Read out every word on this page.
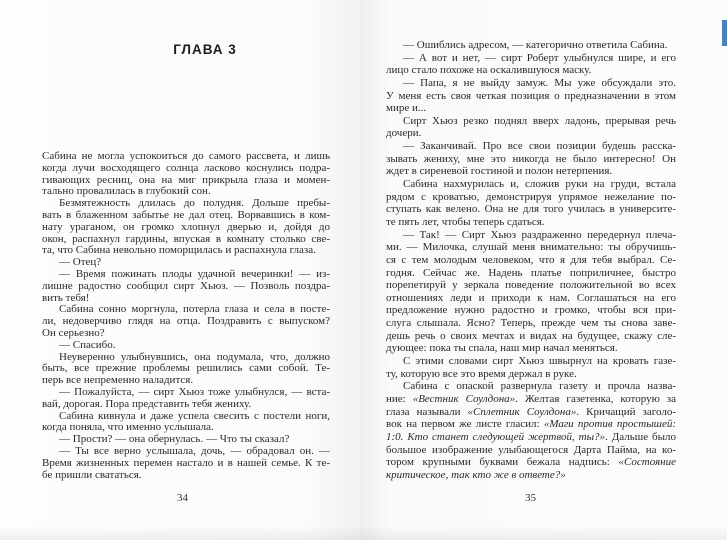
ГЛАВА 3
Сабина не могла успокоиться до самого рассвета, и лишь
когда лучи восходящего солнца ласково коснулись подра-
гивающих ресниц, она на миг прикрыла глаза и момен-
тально провалилась в глубокий сон.
Безмятежность длилась до полудня. Дольше пребы-
вать в блаженном забытье не дал отец. Ворвавшись в ком-
нату ураганом, он громко хлопнул дверью и, дойдя до
окон, распахнул гардины, впуская в комнату столько све-
та, что Сабина невольно поморщилась и распахнула глаза.
— Отец?
— Время пожинать плоды удачной вечеринки! — из-
лишне радостно сообщил сирт Хьюз. — Позволь поздра-
вить тебя!
Сабина сонно моргнула, потерла глаза и села в посте-
ли, недоверчиво глядя на отца. Поздравить с выпуском?
Он серьезно?
— Спасибо.
Неуверенно улыбнувшись, она подумала, что, должно
быть, все прежние проблемы решились сами собой. Те-
перь все непременно наладится.
— Пожалуйста, — сирт Хьюз тоже улыбнулся, — вста-
вай, дорогая. Пора представить тебя жениху.
Сабина кивнула и даже успела свесить с постели ноги,
когда поняла, что именно услышала.
— Прости? — она обернулась. — Что ты сказал?
— Ты все верно услышала, дочь, — обрадовал он. —
Время жизненных перемен настало и в нашей семье. К те-
бе пришли свататься.
34
— Ошиблись адресом, — категорично ответила Сабина.
— А вот и нет, — сирт Роберт улыбнулся шире, и его
лицо стало похоже на оскалившуюся маску.
— Папа, я не выйду замуж. Мы уже обсуждали это.
У меня есть своя четкая позиция о предназначении в этом
мире и...
Сирт Хьюз резко поднял вверх ладонь, прерывая речь
дочери.
— Заканчивай. Про все свои позиции будешь расска-
зывать жениху, мне это никогда не было интересно! Он
ждет в сиреневой гостиной и полон нетерпения.
Сабина нахмурилась и, сложив руки на груди, встала
рядом с кроватью, демонстрируя упрямое нежелание по-
ступать как велено. Она не для того училась в университе-
те пять лет, чтобы теперь сдаться.
— Так! — Сирт Хьюз раздраженно передернул плеча-
ми. — Милочка, слушай меня внимательно: ты обручишь-
ся с тем молодым человеком, что я для тебя выбрал. Се-
годня. Сейчас же. Надень платье поприличнее, быстро
порепетируй у зеркала поведение положительной во всех
отношениях леди и приходи к нам. Соглашаться на его
предложение нужно радостно и громко, чтобы вся при-
слуга слышала. Ясно? Теперь, прежде чем ты снова заве-
дешь речь о своих мечтах и видах на будущее, скажу сле-
дующее: пока ты спала, наш мир начал меняться.
С этими словами сирт Хьюз швырнул на кровать газе-
ту, которую все это время держал в руке.
Сабина с опаской развернула газету и прочла назва-
ние: «Вестник Соулдона». Желтая газетенка, которую за
глаза называли «Сплетник Соулдона». Кричащий заголо-
вок на первом же листе гласил: «Маги против простышей:
1:0. Кто станет следующей жертвой, ты?». Дальше было
большое изображение улыбающегося Дарта Пайма, на ко-
тором крупными буквами бежала надпись: «Состояние
критическое, так кто же в ответе?»
35
